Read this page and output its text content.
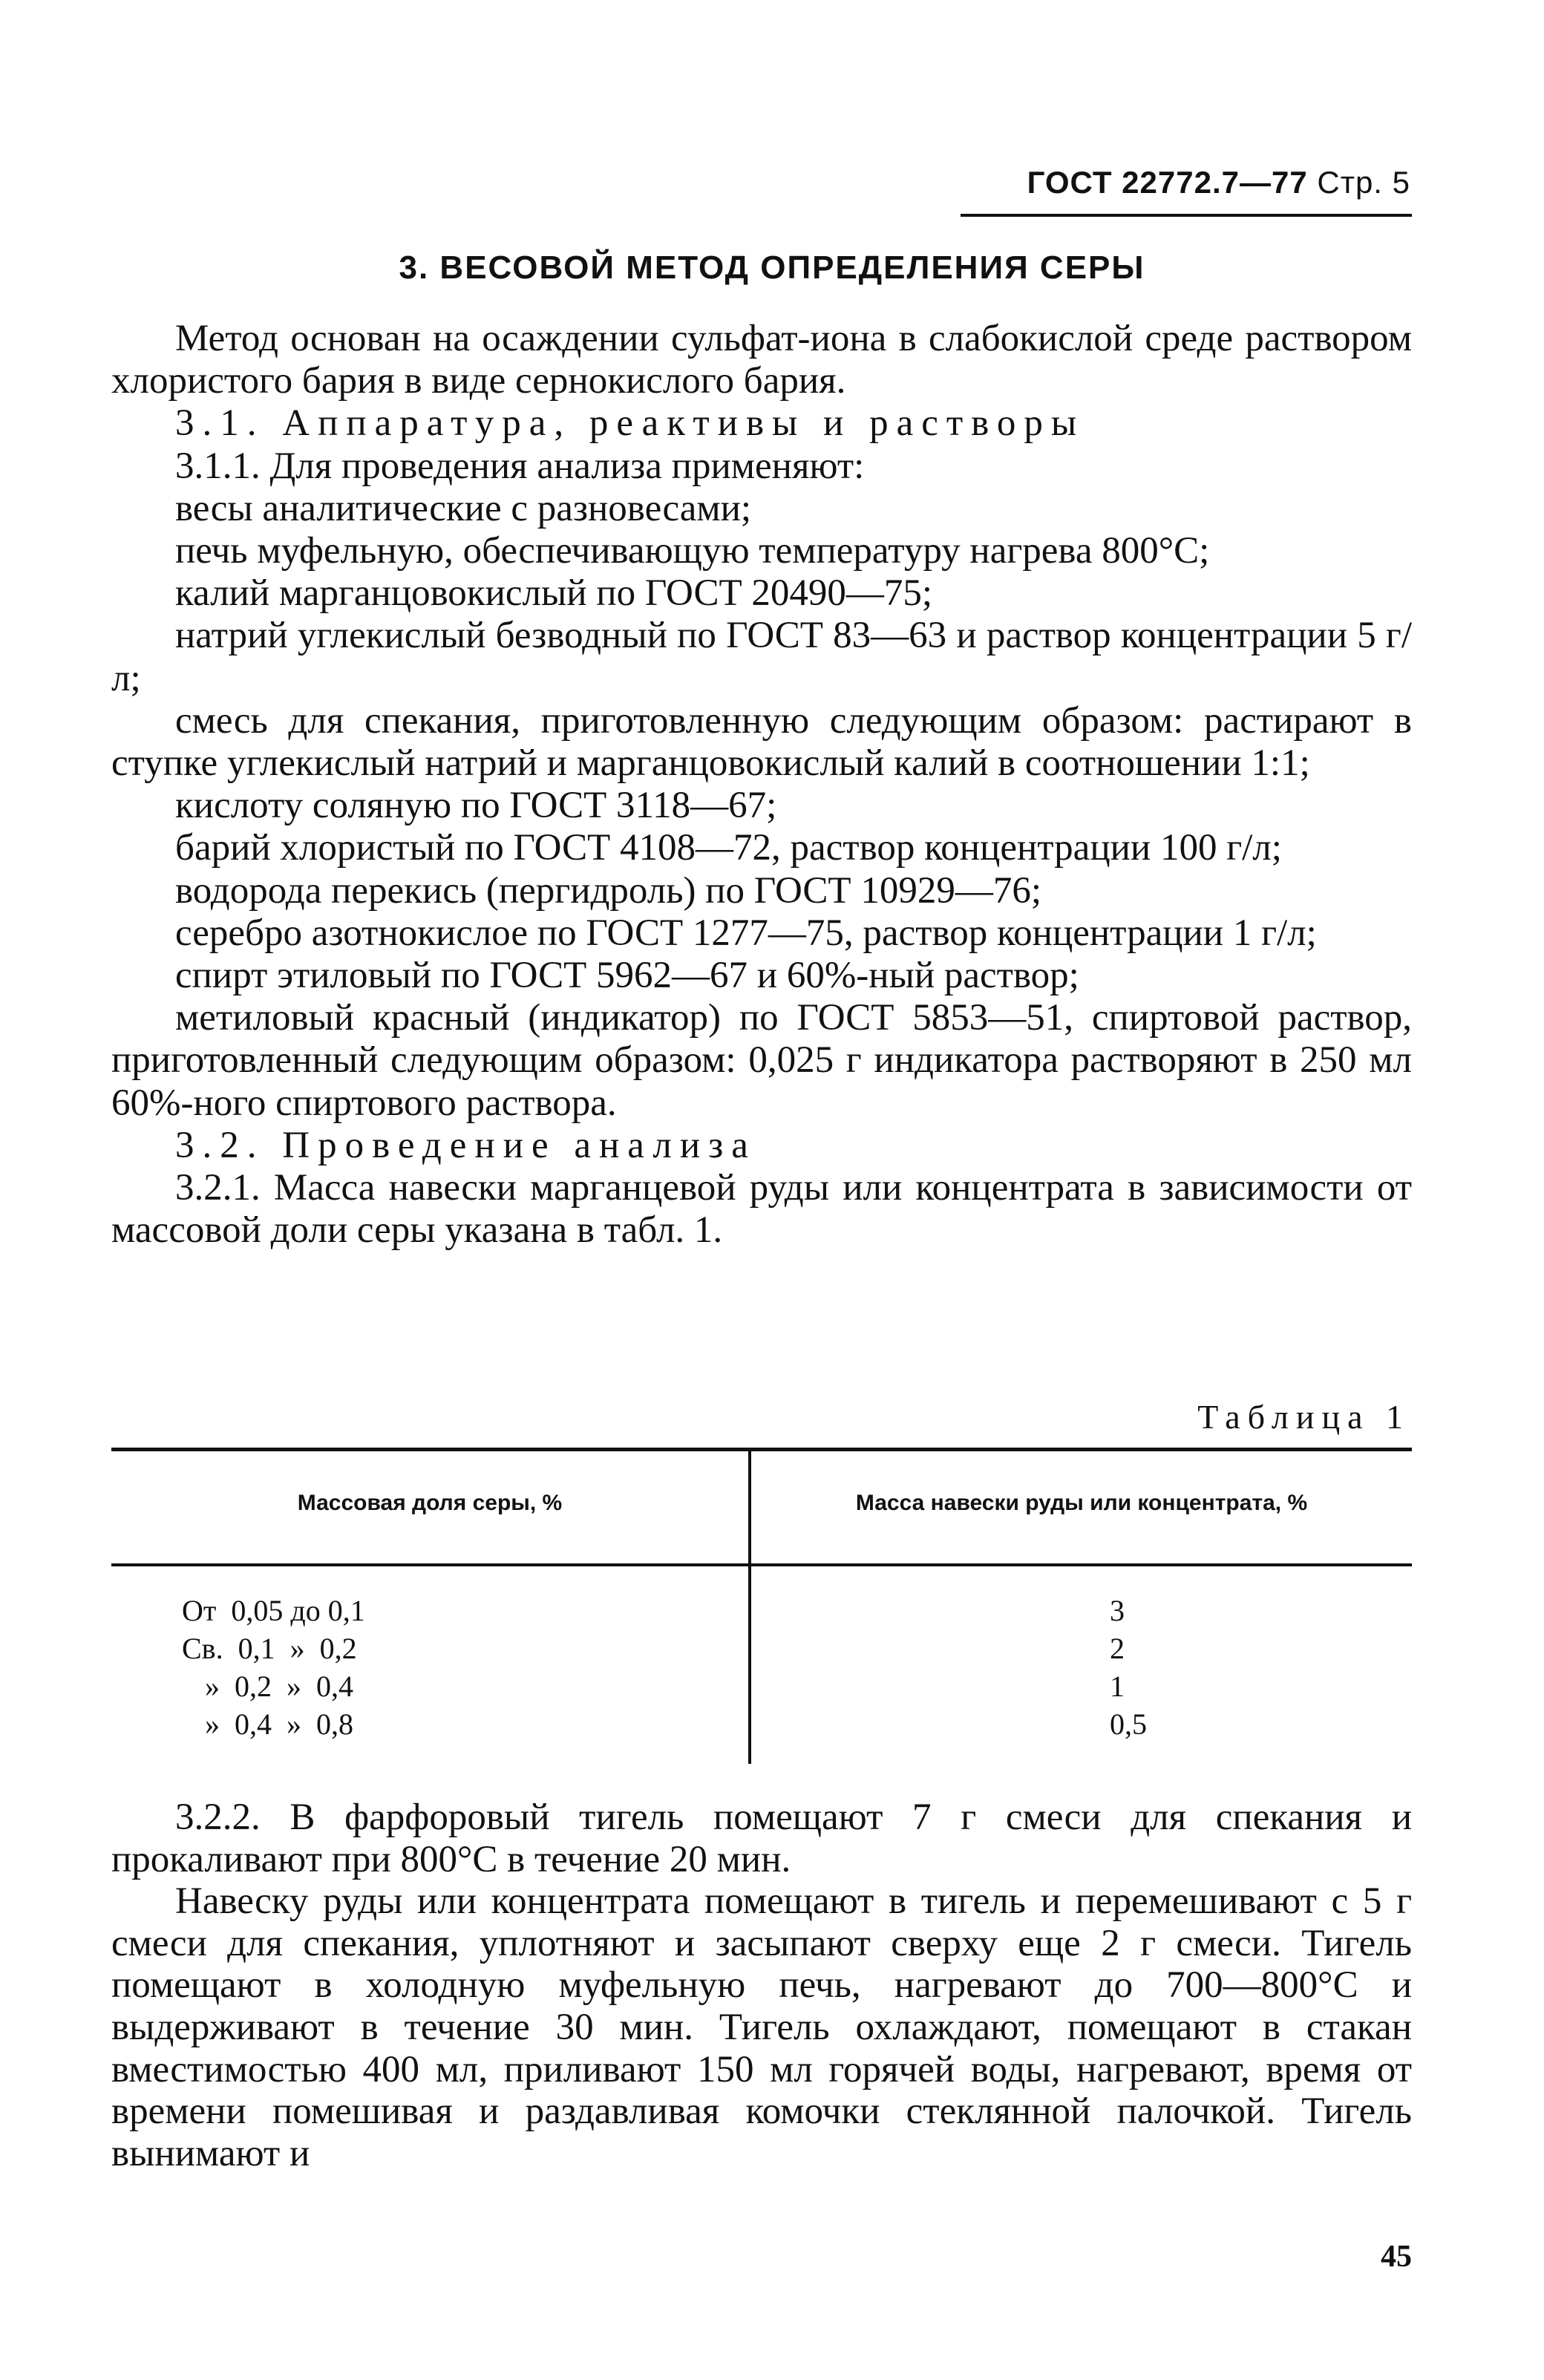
ГОСТ 22772.7—77 Стр. 5
3. ВЕСОВОЙ МЕТОД ОПРЕДЕЛЕНИЯ СЕРЫ

Метод основан на осаждении сульфат-иона в слабокислой среде раствором хлористого бария в виде сернокислого бария.

3.1. Аппаратура, реактивы и растворы

3.1.1. Для проведения анализа применяют:

весы аналитические с разновесами;

печь муфельную, обеспечивающую температуру нагрева 800°С;

калий марганцовокислый по ГОСТ 20490—75;

натрий углекислый безводный по ГОСТ 83—63 и раствор концентрации 5 г/л;

смесь для спекания, приготовленную следующим образом: растирают в ступке углекислый натрий и марганцовокислый калий в соотношении 1:1;

кислоту соляную по ГОСТ 3118—67;

барий хлористый по ГОСТ 4108—72, раствор концентрации 100 г/л;

водорода перекись (пергидроль) по ГОСТ 10929—76;

серебро азотнокислое по ГОСТ 1277—75, раствор концентрации 1 г/л;

спирт этиловый по ГОСТ 5962—67 и 60%-ный раствор;

метиловый красный (индикатор) по ГОСТ 5853—51, спиртовой раствор, приготовленный следующим образом: 0,025 г индикатора растворяют в 250 мл 60%-ного спиртового раствора.

3.2. Проведение анализа

3.2.1. Масса навески марганцевой руды или концентрата в зависимости от массовой доли серы указана в табл. 1.

Таблица 1
Массовая доля серы, %	Масса навески руды или концентрата, %
От  0,05 до 0,1	3
Св.  0,1  »  0,2	2
»  0,2  »  0,4	1
»  0,4  »  0,8	0,5

3.2.2. В фарфоровый тигель помещают 7 г смеси для спекания и прокаливают при 800°С в течение 20 мин.

Навеску руды или концентрата помещают в тигель и перемешивают с 5 г смеси для спекания, уплотняют и засыпают сверху еще 2 г смеси. Тигель помещают в холодную муфельную печь, нагревают до 700—800°С и выдерживают в течение 30 мин. Тигель охлаждают, помещают в стакан вместимостью 400 мл, приливают 150 мл горячей воды, нагревают, время от времени помешивая и раздавливая комочки стеклянной палочкой. Тигель вынимают и

45
